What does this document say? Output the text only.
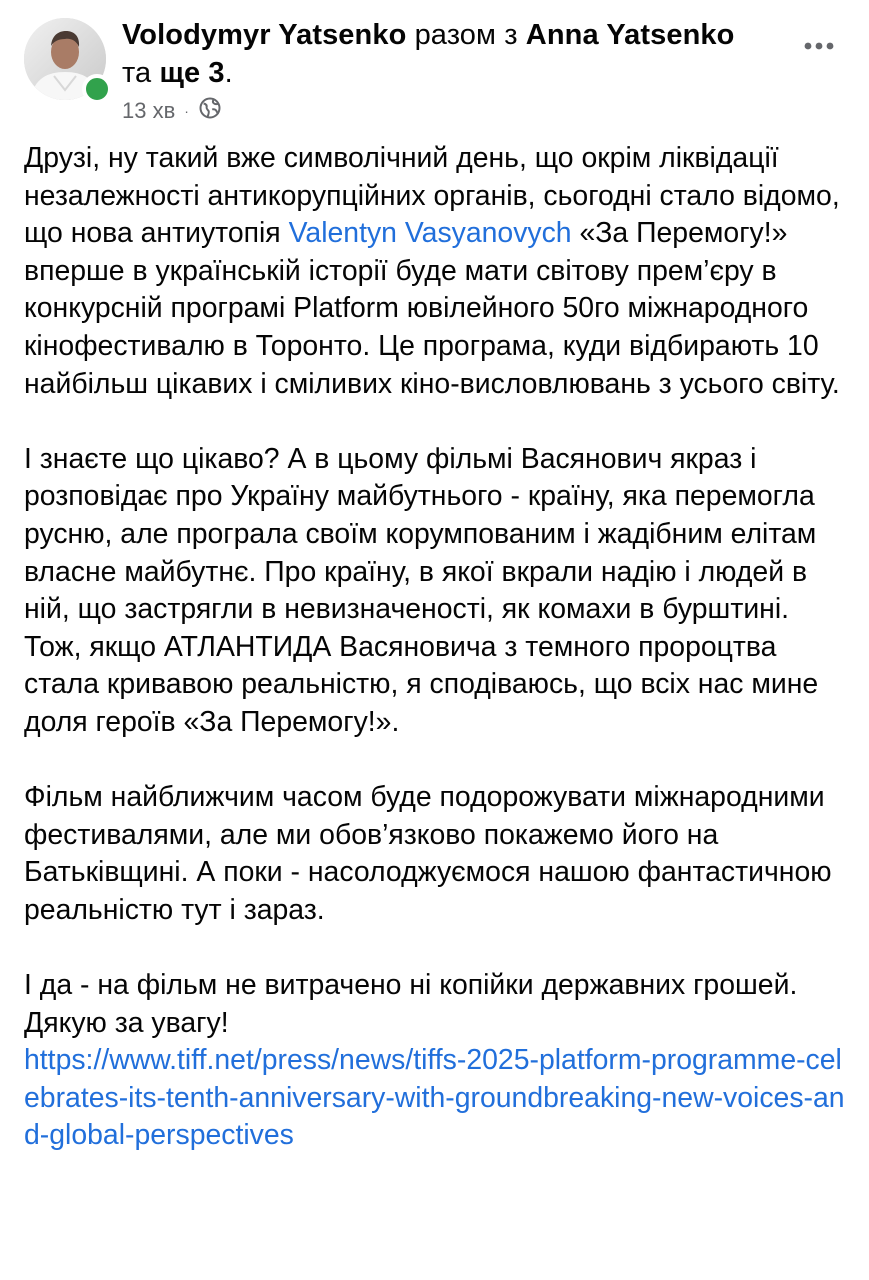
Volodymyr Yatsenko разом з Anna Yatsenko
та ще 3.
13 хв ·

Друзі, ну такий вже символічний день, що окрім ліквідації незалежності антикорупційних органів, сьогодні стало відомо, що нова антиутопія Valentyn Vasyanovych «За Перемогу!» вперше в українській історії буде мати світову прем’єру в конкурсній програмі Platform ювілейного 50го міжнародного кінофестивалю в Торонто. Це програма, куди відбирають 10 найбільш цікавих і сміливих кіно-висловлювань з усього світу.

І знаєте що цікаво? А в цьому фільмі Васянович якраз і розповідає про Україну майбутнього - країну, яка перемогла русню, але програла своїм корумпованим і жадібним елітам власне майбутнє. Про країну, в якої вкрали надію і людей в ній, що застрягли в невизначеності, як комахи в бурштині. Тож, якщо АТЛАНТИДА Васяновича з темного пророцтва стала кривавою реальністю, я сподіваюсь, що всіх нас мине доля героїв «За Перемогу!».

Фільм найближчим часом буде подорожувати міжнародними фестивалями, але ми обов’язково покажемо його на Батьківщині. А поки - насолоджуємося нашою фантастичною реальністю тут і зараз.

І да - на фільм не витрачено ні копійки державних грошей. Дякую за увагу!
https://www.tiff.net/press/news/tiffs-2025-platform-programme-celebrates-its-tenth-anniversary-with-groundbreaking-new-voices-and-global-perspectives
